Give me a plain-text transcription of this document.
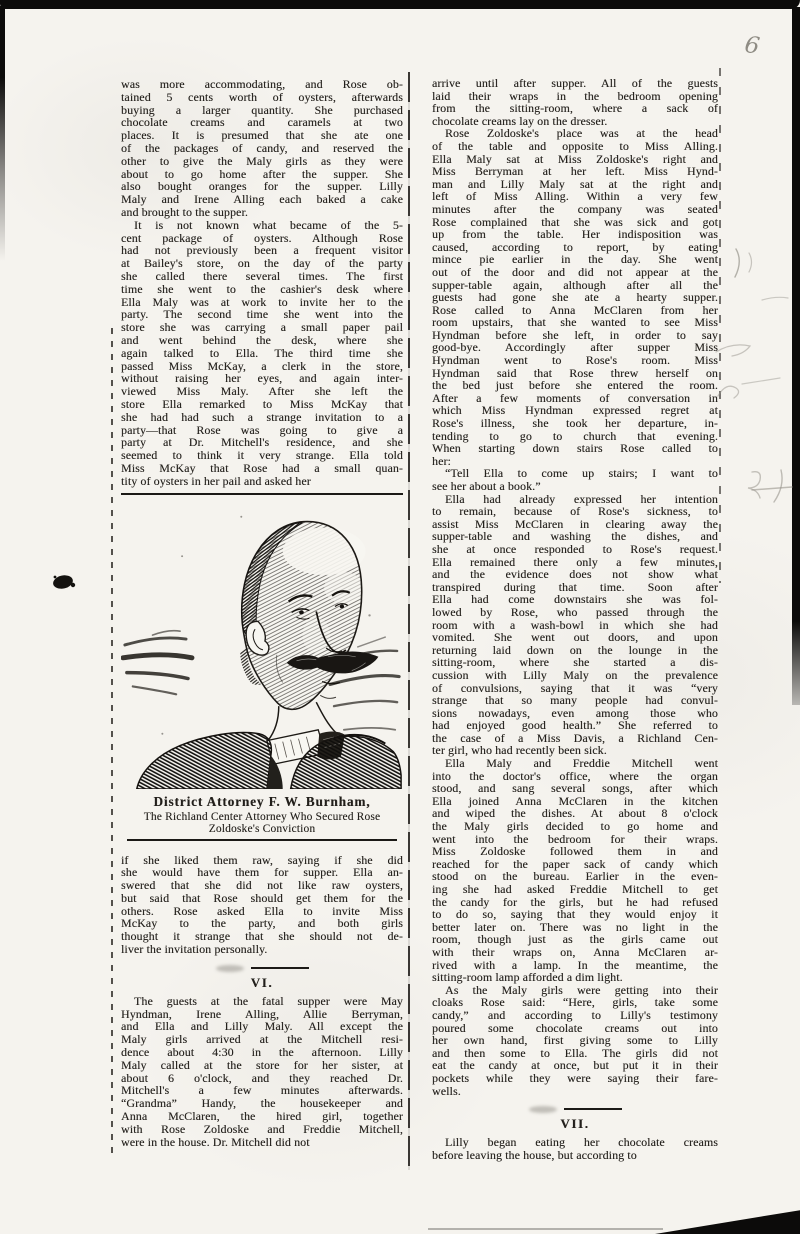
was more accommodating, and Rose ob-
tained 5 cents worth of oysters, afterwards
buying a larger quantity. She purchased
chocolate creams and caramels at two
places. It is presumed that she ate one
of the packages of candy, and reserved the
other to give the Maly girls as they were
about to go home after the supper. She
also bought oranges for the supper. Lilly
Maly and Irene Alling each baked a cake
and brought to the supper.
It is not known what became of the 5-
cent package of oysters. Although Rose
had not previously been a frequent visitor
at Bailey's store, on the day of the party
she called there several times. The first
time she went to the cashier's desk where
Ella Maly was at work to invite her to the
party. The second time she went into the
store she was carrying a small paper pail
and went behind the desk, where she
again talked to Ella. The third time she
passed Miss McKay, a clerk in the store,
without raising her eyes, and again inter-
viewed Miss Maly. After she left the
store Ella remarked to Miss McKay that
she had had such a strange invitation to a
party—that Rose was going to give a
party at Dr. Mitchell's residence, and she
seemed to think it very strange. Ella told
Miss McKay that Rose had a small quan-
tity of oysters in her pail and asked her
District Attorney F. W. Burnham,
The Richland Center Attorney Who Secured Rose
Zoldoske's Conviction
if she liked them raw, saying if she did
she would have them for supper. Ella an-
swered that she did not like raw oysters,
but said that Rose should get them for the
others. Rose asked Ella to invite Miss
McKay to the party, and both girls
thought it strange that she should not de-
liver the invitation personally.
VI.
The guests at the fatal supper were May
Hyndman, Irene Alling, Allie Berryman,
and Ella and Lilly Maly. All except the
Maly girls arrived at the Mitchell resi-
dence about 4:30 in the afternoon. Lilly
Maly called at the store for her sister, at
about 6 o'clock, and they reached Dr.
Mitchell's a few minutes afterwards.
“Grandma” Handy, the housekeeper and
Anna McClaren, the hired girl, together
with Rose Zoldoske and Freddie Mitchell,
were in the house. Dr. Mitchell did not
arrive until after supper. All of the guests
laid their wraps in the bedroom opening
from the sitting-room, where a sack of
chocolate creams lay on the dresser.
Rose Zoldoske's place was at the head
of the table and opposite to Miss Alling.
Ella Maly sat at Miss Zoldoske's right and
Miss Berryman at her left. Miss Hynd-
man and Lilly Maly sat at the right and
left of Miss Alling. Within a very few
minutes after the company was seated
Rose complained that she was sick and got
up from the table. Her indisposition was
caused, according to report, by eating
mince pie earlier in the day. She went
out of the door and did not appear at the
supper-table again, although after all the
guests had gone she ate a hearty supper.
Rose called to Anna McClaren from her
room upstairs, that she wanted to see Miss
Hyndman before she left, in order to say
good-bye. Accordingly after supper Miss
Hyndman went to Rose's room. Miss
Hyndman said that Rose threw herself on
the bed just before she entered the room.
After a few moments of conversation in
which Miss Hyndman expressed regret at
Rose's illness, she took her departure, in-
tending to go to church that evening.
When starting down stairs Rose called to
her:
“Tell Ella to come up stairs; I want to
see her about a book.”
Ella had already expressed her intention
to remain, because of Rose's sickness, to
assist Miss McClaren in clearing away the
supper-table and washing the dishes, and
she at once responded to Rose's request.
Ella remained there only a few minutes,
and the evidence does not show what
transpired during that time. Soon after
Ella had come downstairs she was fol-
lowed by Rose, who passed through the
room with a wash-bowl in which she had
vomited. She went out doors, and upon
returning laid down on the lounge in the
sitting-room, where she started a dis-
cussion with Lilly Maly on the prevalence
of convulsions, saying that it was “very
strange that so many people had convul-
sions nowadays, even among those who
had enjoyed good health.” She referred to
the case of a Miss Davis, a Richland Cen-
ter girl, who had recently been sick.
Ella Maly and Freddie Mitchell went
into the doctor's office, where the organ
stood, and sang several songs, after which
Ella joined Anna McClaren in the kitchen
and wiped the dishes. At about 8 o'clock
the Maly girls decided to go home and
went into the bedroom for their wraps.
Miss Zoldoske followed them in and
reached for the paper sack of candy which
stood on the bureau. Earlier in the even-
ing she had asked Freddie Mitchell to get
the candy for the girls, but he had refused
to do so, saying that they would enjoy it
better later on. There was no light in the
room, though just as the girls came out
with their wraps on, Anna McClaren ar-
rived with a lamp. In the meantime, the
sitting-room lamp afforded a dim light.
As the Maly girls were getting into their
cloaks Rose said: “Here, girls, take some
candy,” and according to Lilly's testimony
poured some chocolate creams out into
her own hand, first giving some to Lilly
and then some to Ella. The girls did not
eat the candy at once, but put it in their
pockets while they were saying their fare-
wells.
VII.
Lilly began eating her chocolate creams
before leaving the house, but according to
6
